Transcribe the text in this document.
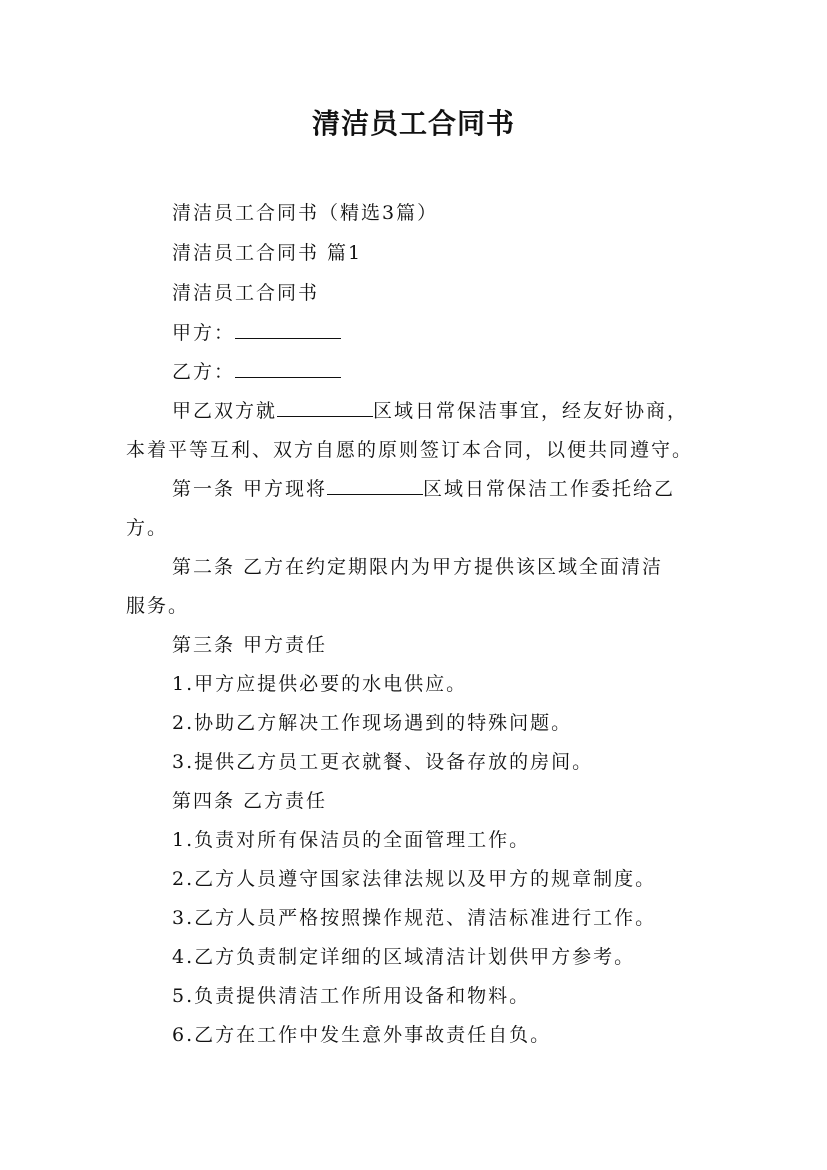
清洁员工合同书
清洁员工合同书（精选3篇）
清洁员工合同书 篇1
清洁员工合同书
甲方：
乙方：
甲乙双方就	区域日常保洁事宜，经友好协商，
本着平等互利、双方自愿的原则签订本合同，以便共同遵守。
第一条 甲方现将	区域日常保洁工作委托给乙
方。
第二条 乙方在约定期限内为甲方提供该区域全面清洁
服务。
第三条 甲方责任
1.甲方应提供必要的水电供应。
2.协助乙方解决工作现场遇到的特殊问题。
3.提供乙方员工更衣就餐、设备存放的房间。
第四条 乙方责任
1.负责对所有保洁员的全面管理工作。
2.乙方人员遵守国家法律法规以及甲方的规章制度。
3.乙方人员严格按照操作规范、清洁标准进行工作。
4.乙方负责制定详细的区域清洁计划供甲方参考。
5.负责提供清洁工作所用设备和物料。
6.乙方在工作中发生意外事故责任自负。
